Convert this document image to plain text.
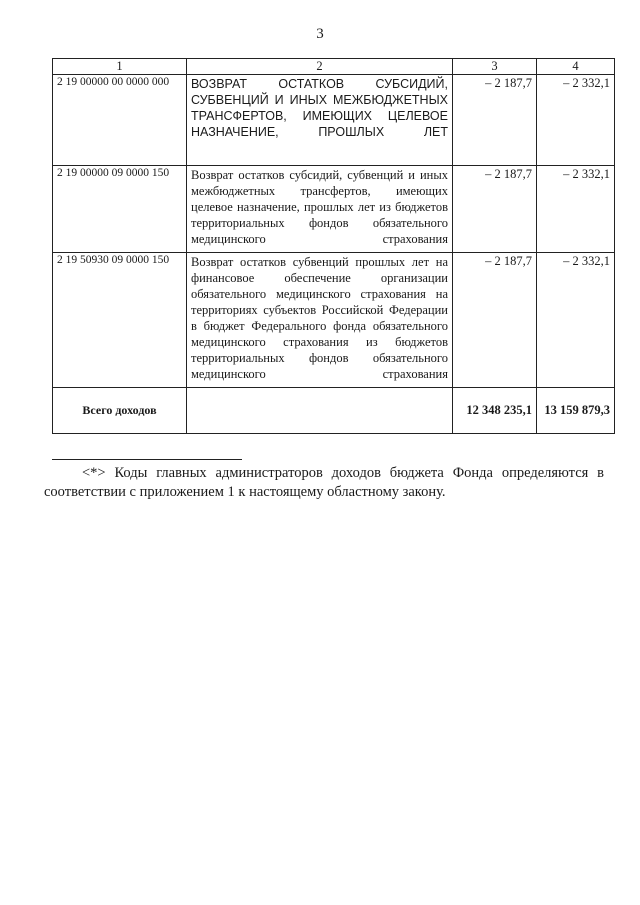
3
1	2	3	4
2 19 00000 00 0000 000	ВОЗВРАТ ОСТАТКОВ СУБСИДИЙ, СУБВЕНЦИЙ И ИНЫХ МЕЖБЮДЖЕТНЫХ ТРАНСФЕРТОВ, ИМЕЮЩИХ ЦЕЛЕВОЕ НАЗНАЧЕНИЕ, ПРОШЛЫХ ЛЕТ	– 2 187,7	– 2 332,1
2 19 00000 09 0000 150	Возврат остатков субсидий, субвенций и иных межбюджетных трансфертов, имеющих целевое назначение, прошлых лет из бюджетов территориальных фондов обязательного медицинского страхования	– 2 187,7	– 2 332,1
2 19 50930 09 0000 150	Возврат остатков субвенций прошлых лет на финансовое обеспечение организации обязательного медицинского страхования на территориях субъектов Российской Федерации в бюджет Федерального фонда обязательного медицинского страхования из бюджетов территориальных фондов обязательного медицинского страхования	– 2 187,7	– 2 332,1
Всего доходов		12 348 235,1	13 159 879,3
<*> Коды главных администраторов доходов бюджета Фонда определяются в соответствии с приложением 1 к настоящему областному закону.
